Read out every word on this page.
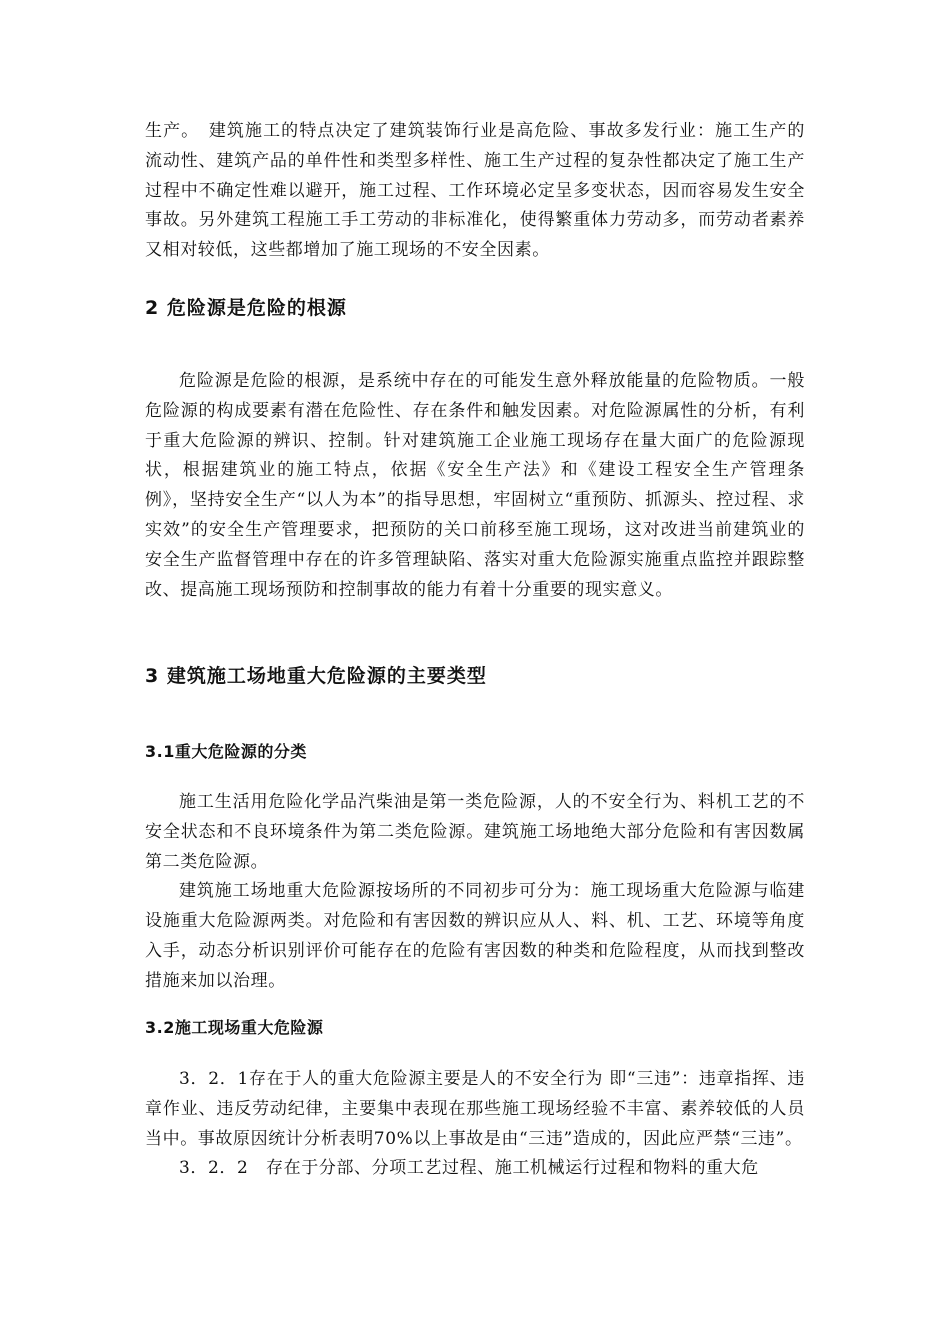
生产。　建筑施工的特点决定了建筑装饰行业是高危险、事故多发行业：施工生产的流动性、建筑产品的单件性和类型多样性、施工生产过程的复杂性都决定了施工生产过程中不确定性难以避开，施工过程、工作环境必定呈多变状态，因而容易发生安全事故。另外建筑工程施工手工劳动的非标准化，使得繁重体力劳动多，而劳动者素养又相对较低，这些都增加了施工现场的不安全因素。

2 危险源是危险的根源

危险源是危险的根源，是系统中存在的可能发生意外释放能量的危险物质。一般危险源的构成要素有潜在危险性、存在条件和触发因素。对危险源属性的分析，有利于重大危险源的辨识、控制。针对建筑施工企业施工现场存在量大面广的危险源现状，根据建筑业的施工特点，依据《安全生产法》和《建设工程安全生产管理条例》，坚持安全生产“以人为本”的指导思想，牢固树立“重预防、抓源头、控过程、求实效”的安全生产管理要求，把预防的关口前移至施工现场，这对改进当前建筑业的安全生产监督管理中存在的许多管理缺陷、落实对重大危险源实施重点监控并跟踪整改、提高施工现场预防和控制事故的能力有着十分重要的现实意义。

3 建筑施工场地重大危险源的主要类型
3.1重大危险源的分类

施工生活用危险化学品汽柴油是第一类危险源，人的不安全行为、料机工艺的不安全状态和不良环境条件为第二类危险源。建筑施工场地绝大部分危险和有害因数属第二类危险源。

建筑施工场地重大危险源按场所的不同初步可分为：施工现场重大危险源与临建设施重大危险源两类。对危险和有害因数的辨识应从人、料、机、工艺、环境等角度入手，动态分析识别评价可能存在的危险有害因数的种类和危险程度，从而找到整改措施来加以治理。

3.2施工现场重大危险源

3．2．1存在于人的重大危险源主要是人的不安全行为 即“三违”：违章指挥、违章作业、违反劳动纪律，主要集中表现在那些施工现场经验不丰富、素养较低的人员当中。事故原因统计分析表明70%以上事故是由“三违”造成的，因此应严禁“三违”。

3．2．2　存在于分部、分项工艺过程、施工机械运行过程和物料的重大危
